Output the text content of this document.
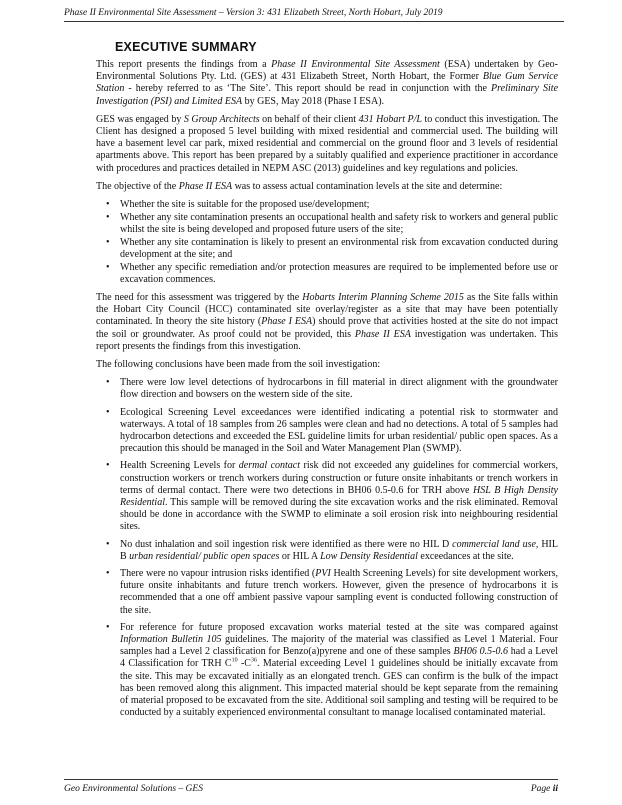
Phase II Environmental Site Assessment – Version 3: 431 Elizabeth Street, North Hobart, July 2019
EXECUTIVE SUMMARY

This report presents the findings from a Phase II Environmental Site Assessment (ESA) undertaken by Geo-Environmental Solutions Pty. Ltd. (GES) at 431 Elizabeth Street, North Hobart, the Former Blue Gum Service Station - hereby referred to as ‘The Site’. This report should be read in conjunction with the Preliminary Site Investigation (PSI) and Limited ESA by GES, May 2018 (Phase I ESA).

GES was engaged by S Group Architects on behalf of their client 431 Hobart P/L to conduct this investigation. The Client has designed a proposed 5 level building with mixed residential and commercial used. The building will have a basement level car park, mixed residential and commercial on the ground floor and 3 levels of residential apartments above. This report has been prepared by a suitably qualified and experience practitioner in accordance with procedures and practices detailed in NEPM ASC (2013) guidelines and key regulations and policies.

The objective of the Phase II ESA was to assess actual contamination levels at the site and determine:

• Whether the site is suitable for the proposed use/development;
• Whether any site contamination presents an occupational health and safety risk to workers and general public whilst the site is being developed and proposed future users of the site;
• Whether any site contamination is likely to present an environmental risk from excavation conducted during development at the site; and
• Whether any specific remediation and/or protection measures are required to be implemented before use or excavation commences.

The need for this assessment was triggered by the Hobarts Interim Planning Scheme 2015 as the Site falls within the Hobart City Council (HCC) contaminated site overlay/register as a site that may have been potentially contaminated. In theory the site history (Phase I ESA) should prove that activities hosted at the site do not impact the soil or groundwater. As proof could not be provided, this Phase II ESA investigation was undertaken. This report presents the findings from this investigation.

The following conclusions have been made from the soil investigation:

• There were low level detections of hydrocarbons in fill material in direct alignment with the groundwater flow direction and bowsers on the western side of the site.
• Ecological Screening Level exceedances were identified indicating a potential risk to stormwater and waterways. A total of 18 samples from 26 samples were clean and had no detections. A total of 5 samples had hydrocarbon detections and exceeded the ESL guideline limits for urban residential/ public open spaces. As a precaution this should be managed in the Soil and Water Management Plan (SWMP).
• Health Screening Levels for dermal contact risk did not exceeded any guidelines for commercial workers, construction workers or trench workers during construction or future onsite inhabitants or trench workers in terms of dermal contact. There were two detections in BH06 0.5-0.6 for TRH above HSL B High Density Residential. This sample will be removed during the site excavation works and the risk eliminated. Removal should be done in accordance with the SWMP to eliminate a soil erosion risk into neighbouring residential sites.
• No dust inhalation and soil ingestion risk were identified as there were no HIL D commercial land use, HIL B urban residential/ public open spaces or HIL A Low Density Residential exceedances at the site.
• There were no vapour intrusion risks identified (PVI Health Screening Levels) for site development workers, future onsite inhabitants and future trench workers. However, given the presence of hydrocarbons it is recommended that a one off ambient passive vapour sampling event is conducted following construction of the site.
• For reference for future proposed excavation works material tested at the site was compared against Information Bulletin 105 guidelines. The majority of the material was classified as Level 1 Material. Four samples had a Level 2 classification for Benzo(a)pyrene and one of these samples BH06 0.5-0.6 had a Level 4 Classification for TRH $C^{10}$ $-C^{36}$. Material exceeding Level 1 guidelines should be initially excavate from the site. This may be excavated initially as an elongated trench. GES can confirm is the bulk of the impact has been removed along this alignment. This impacted material should be kept separate from the remaining of material proposed to be excavated from the site. Additional soil sampling and testing will be required to be conducted by a suitably experienced environmental consultant to manage localised contaminated material.
Geo Environmental Solutions – GES	Page ii
